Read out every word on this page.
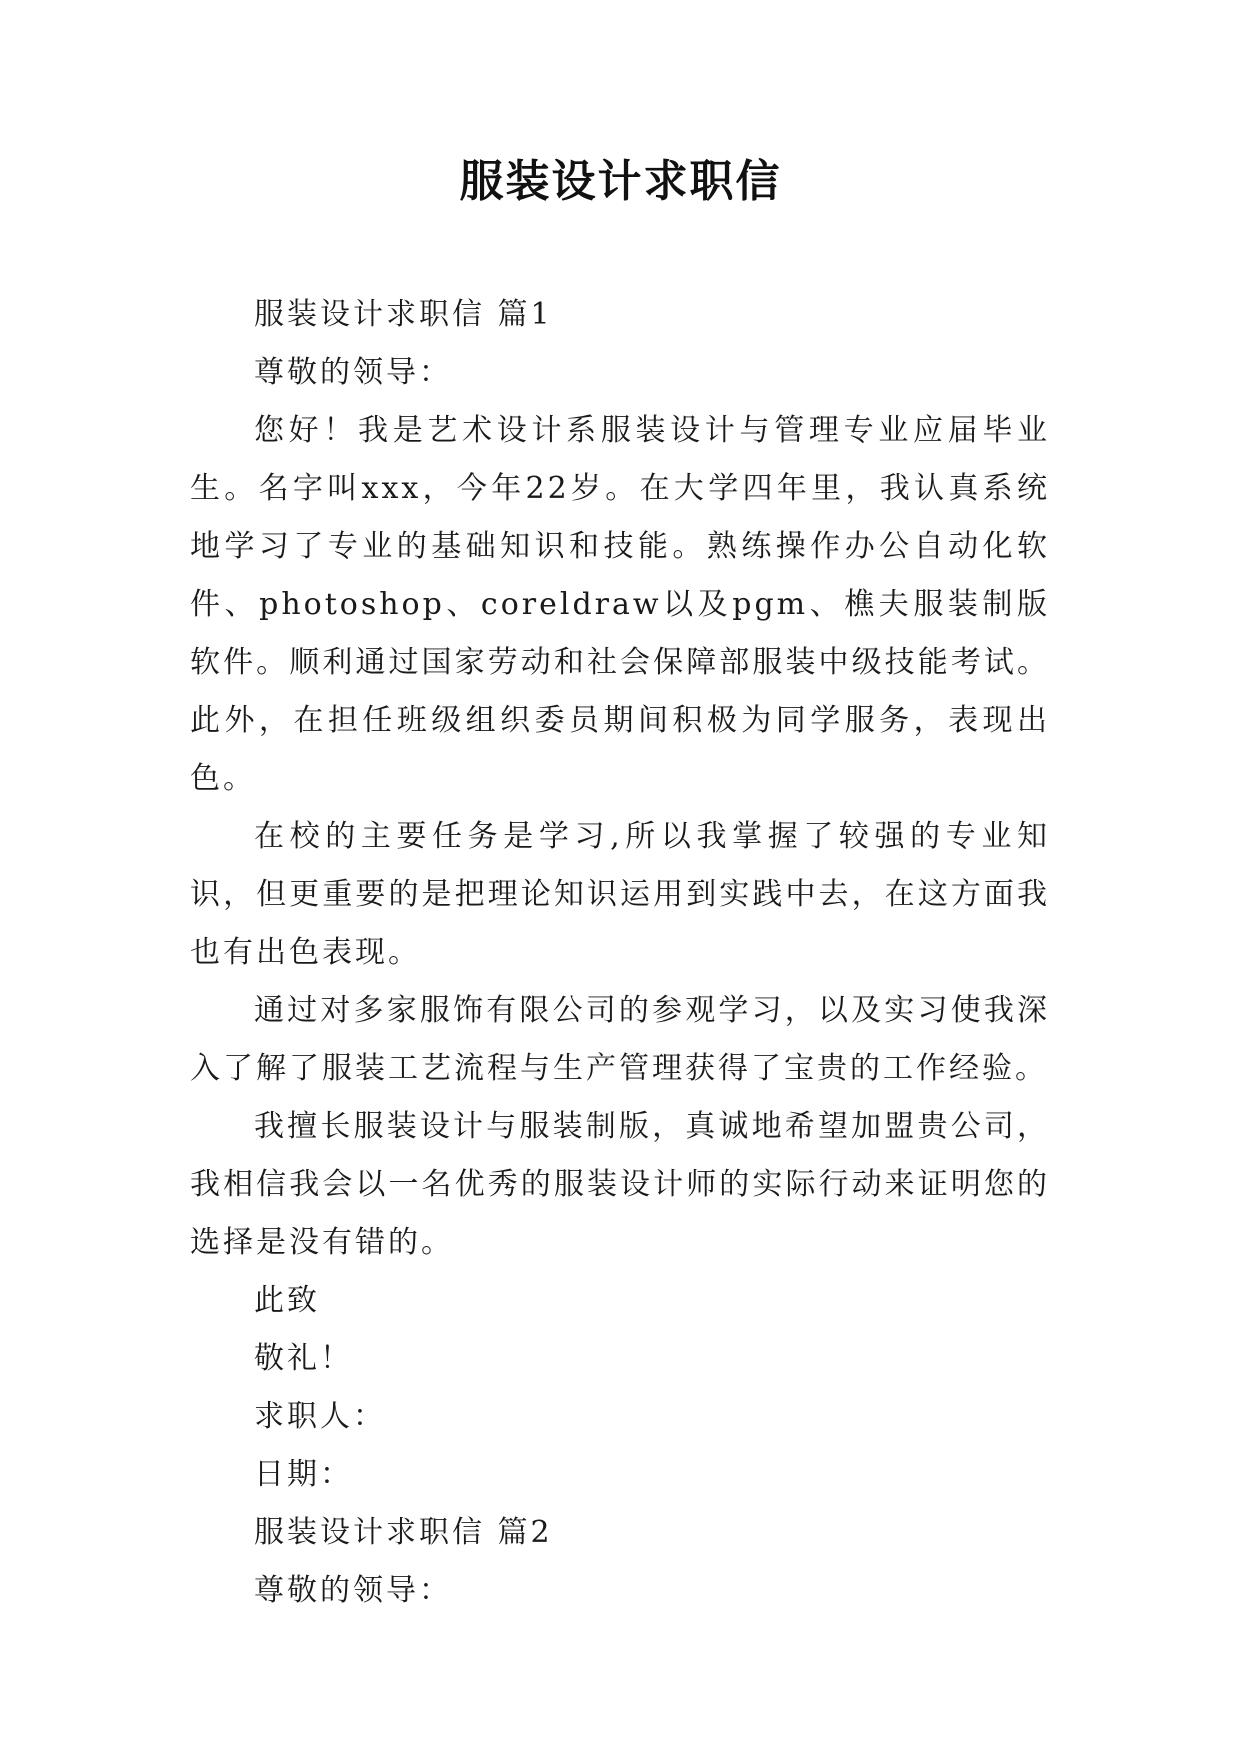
服装设计求职信

服装设计求职信 篇1

尊敬的领导：

您好！我是艺术设计系服装设计与管理专业应届毕业生。名字叫xxx，今年22岁。在大学四年里，我认真系统地学习了专业的基础知识和技能。熟练操作办公自动化软件、photoshop、coreldraw以及pgm、樵夫服装制版软件。顺利通过国家劳动和社会保障部服装中级技能考试。此外，在担任班级组织委员期间积极为同学服务，表现出色。

在校的主要任务是学习,所以我掌握了较强的专业知识，但更重要的是把理论知识运用到实践中去，在这方面我也有出色表现。

通过对多家服饰有限公司的参观学习，以及实习使我深入了解了服装工艺流程与生产管理获得了宝贵的工作经验。

我擅长服装设计与服装制版，真诚地希望加盟贵公司，我相信我会以一名优秀的服装设计师的实际行动来证明您的选择是没有错的。

此致

敬礼！

求职人：

日期：

服装设计求职信 篇2

尊敬的领导：
